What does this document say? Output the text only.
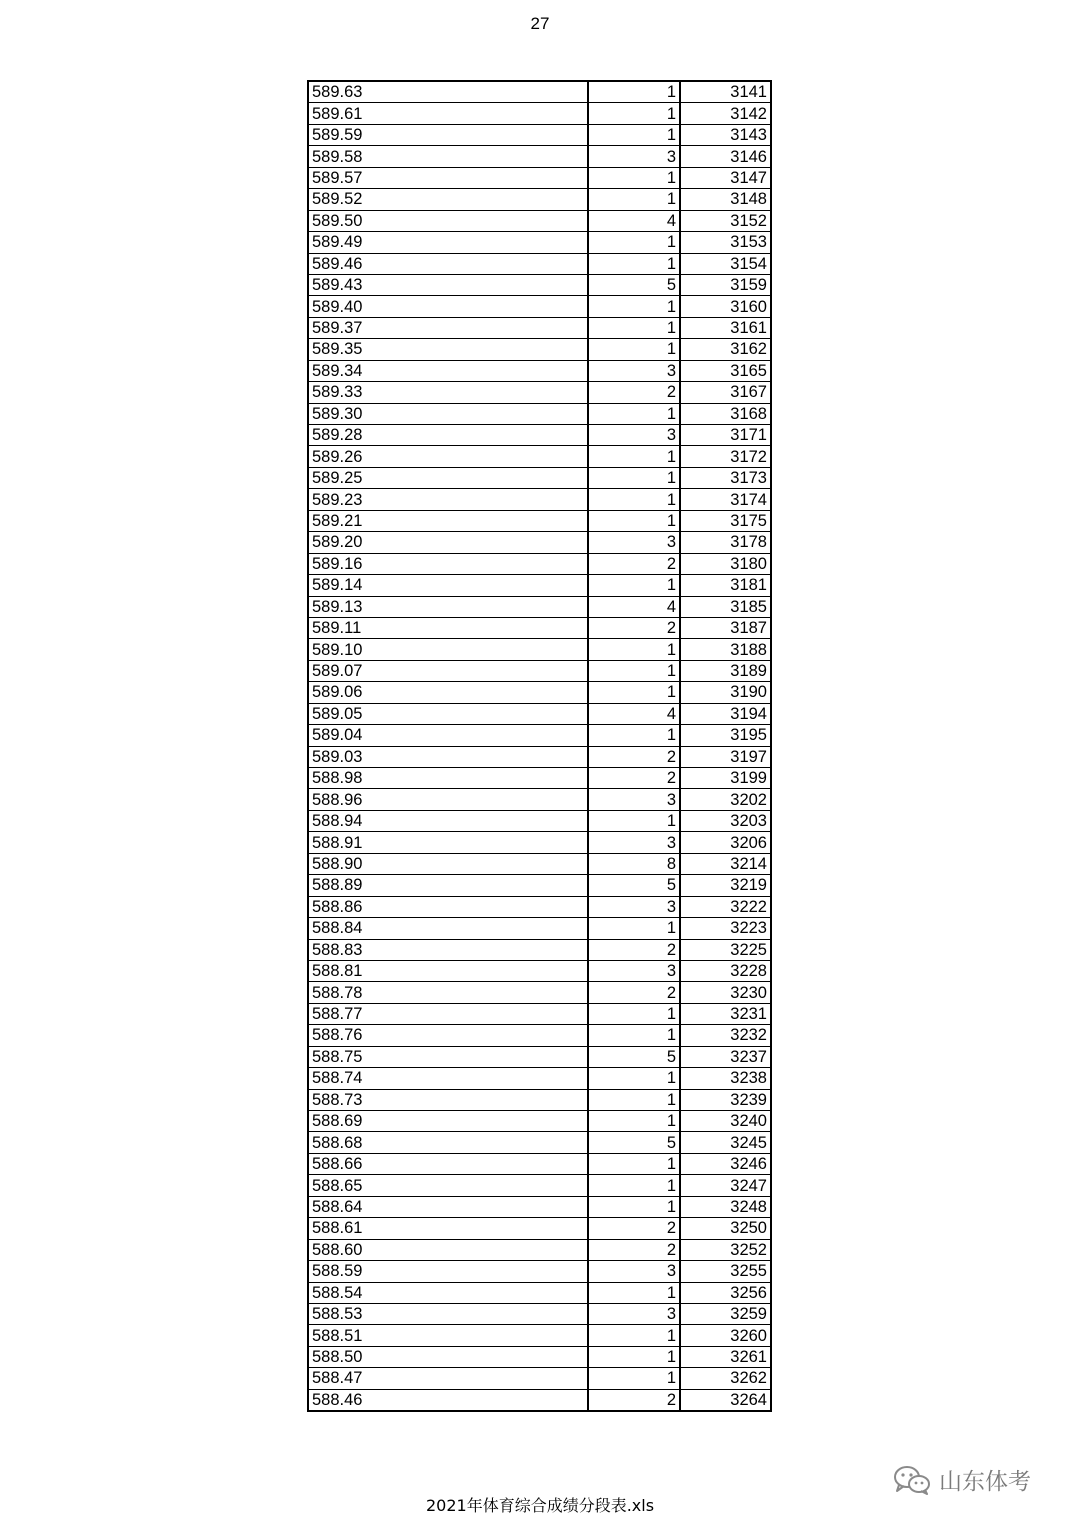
27
589.63	1	3141
589.61	1	3142
589.59	1	3143
589.58	3	3146
589.57	1	3147
589.52	1	3148
589.50	4	3152
589.49	1	3153
589.46	1	3154
589.43	5	3159
589.40	1	3160
589.37	1	3161
589.35	1	3162
589.34	3	3165
589.33	2	3167
589.30	1	3168
589.28	3	3171
589.26	1	3172
589.25	1	3173
589.23	1	3174
589.21	1	3175
589.20	3	3178
589.16	2	3180
589.14	1	3181
589.13	4	3185
589.11	2	3187
589.10	1	3188
589.07	1	3189
589.06	1	3190
589.05	4	3194
589.04	1	3195
589.03	2	3197
588.98	2	3199
588.96	3	3202
588.94	1	3203
588.91	3	3206
588.90	8	3214
588.89	5	3219
588.86	3	3222
588.84	1	3223
588.83	2	3225
588.81	3	3228
588.78	2	3230
588.77	1	3231
588.76	1	3232
588.75	5	3237
588.74	1	3238
588.73	1	3239
588.69	1	3240
588.68	5	3245
588.66	1	3246
588.65	1	3247
588.64	1	3248
588.61	2	3250
588.60	2	3252
588.59	3	3255
588.54	1	3256
588.53	3	3259
588.51	1	3260
588.50	1	3261
588.47	1	3262
588.46	2	3264
2021年体育综合成绩分段表.xls
山东体考
